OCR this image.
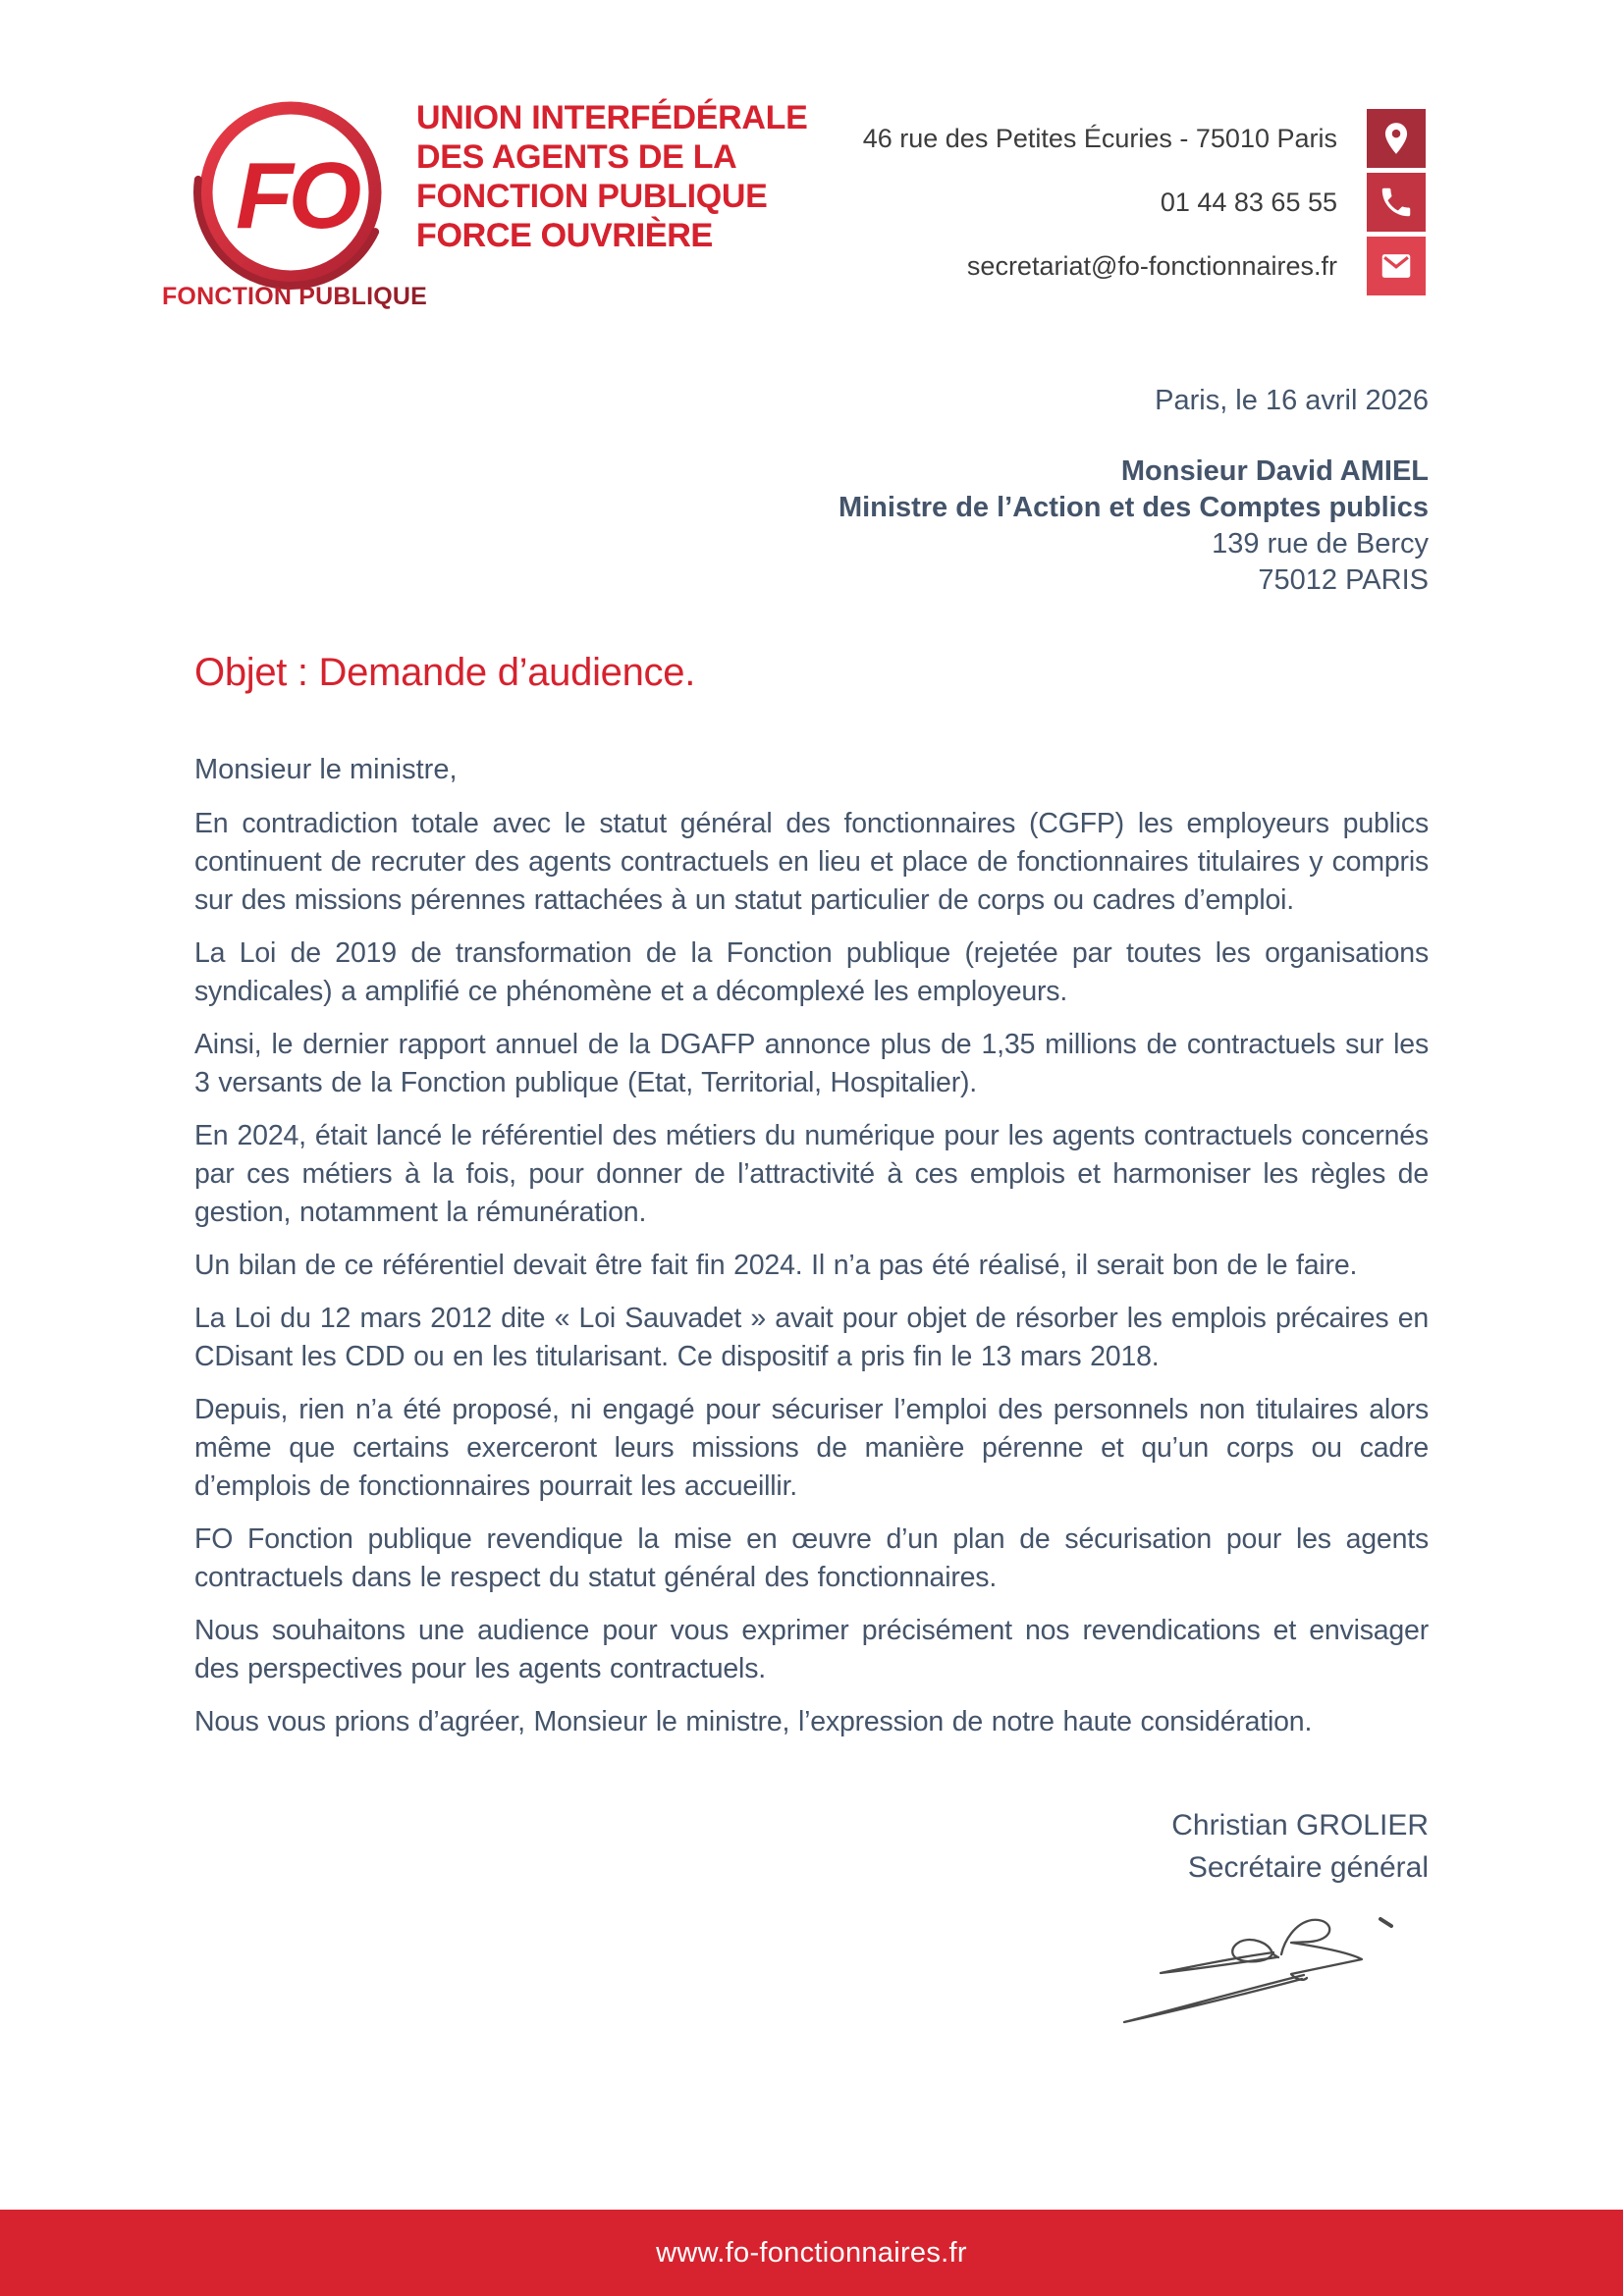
FO
FONCTION PUBLIQUE
UNION INTERFÉDÉRALE
DES AGENTS DE LA
FONCTION PUBLIQUE
FORCE OUVRIÈRE
46 rue des Petites Écuries - 75010 Paris
01 44 83 65 55
secretariat@fo-fonctionnaires.fr
Paris, le 16 avril 2026
Monsieur David AMIEL
Ministre de l’Action et des Comptes publics
139 rue de Bercy
75012 PARIS
Objet : Demande d’audience.
Monsieur le ministre,

En contradiction totale avec le statut général des fonctionnaires (CGFP) les employeurs publics continuent de recruter des agents contractuels en lieu et place de fonctionnaires titulaires y compris sur des missions pérennes rattachées à un statut particulier de corps ou cadres d’emploi.

La Loi de 2019 de transformation de la Fonction publique (rejetée par toutes les organisations syndicales) a amplifié ce phénomène et a décomplexé les employeurs.

Ainsi, le dernier rapport annuel de la DGAFP annonce plus de 1,35 millions de contractuels sur les 3 versants de la Fonction publique (Etat, Territorial, Hospitalier).

En 2024, était lancé le référentiel des métiers du numérique pour les agents contractuels concernés par ces métiers à la fois, pour donner de l’attractivité à ces emplois et harmoniser les règles de gestion, notamment la rémunération.

Un bilan de ce référentiel devait être fait fin 2024. Il n’a pas été réalisé, il serait bon de le faire.

La Loi du 12 mars 2012 dite « Loi Sauvadet » avait pour objet de résorber les emplois précaires en CDisant les CDD ou en les titularisant. Ce dispositif a pris fin le 13 mars 2018.

Depuis, rien n’a été proposé, ni engagé pour sécuriser l’emploi des personnels non titulaires alors même que certains exerceront leurs missions de manière pérenne et qu’un corps ou cadre d’emplois de fonctionnaires pourrait les accueillir.

FO Fonction publique revendique la mise en œuvre d’un plan de sécurisation pour les agents contractuels dans le respect du statut général des fonctionnaires.

Nous souhaitons une audience pour vous exprimer précisément nos revendications et envisager des perspectives pour les agents contractuels.

Nous vous prions d’agréer, Monsieur le ministre, l’expression de notre haute considération.

Christian GROLIER
Secrétaire général
www.fo-fonctionnaires.fr
